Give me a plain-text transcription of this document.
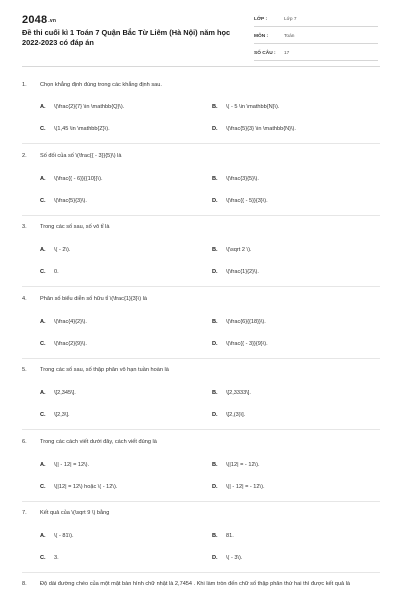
2048.vn
Đề thi cuối kì 1 Toán 7 Quận Bắc Từ Liêm (Hà Nội) năm học 2022-2023 có đáp án
LỚP :	Lớp 7
MÔN :	Toán
SỐ CÂU : 17
1. Chọn khẳng định đúng trong các khẳng định sau.
A. \(\frac{2}{7} \in \mathbb{Q}\).	B. \( - 5 \in \mathbb{N}\).
C. \(1,45 \in \mathbb{Z}\).	D. \(\frac{5}{3} \in \mathbb{N}\).
2. Số đối của số \(\frac{{ - 3}}{5}\) là
A. \(\frac{{ - 6}}{{10}}\).	B. \(\frac{3}{5}\).
C. \(\frac{5}{3}\).	D. \(\frac{{ - 5}}{3}\).
3. Trong các số sau, số vô tỉ là
A. \( - 2\).	B. \(\sqrt 2 \).
C. 0.	D. \(\frac{1}{2}\).
4. Phân số biểu diễn số hữu tỉ \(\frac{1}{3}\) là
A. \(\frac{4}{2}\).	B. \(\frac{6}{{18}}\).
C. \(\frac{2}{9}\).	D. \(\frac{{ - 3}}{9}\).
5. Trong các số sau, số thập phân vô hạn tuần hoàn là
A. \[2,345\].	B. \[2,3333\].
C. \[2,3\].	D. \[2,(3)\].
6. Trong các cách viết dưới đây, cách viết đúng là
A. \(| - 12| = 12\).	B. \(|12| = - 12\).
C. \(|12| = 12\) hoặc \( - 12\).	D. \(| - 12| = - 12\).
7. Kết quả của \(\sqrt 9 \) bằng
A. \( - 81\).	B. 81.
C. 3.	D. \( - 3\).
8. Độ dài đường chéo của một mặt bàn hình chữ nhật là 2,7454 . Khi làm tròn đến chữ số thập phân thứ hai thì được kết quả là
